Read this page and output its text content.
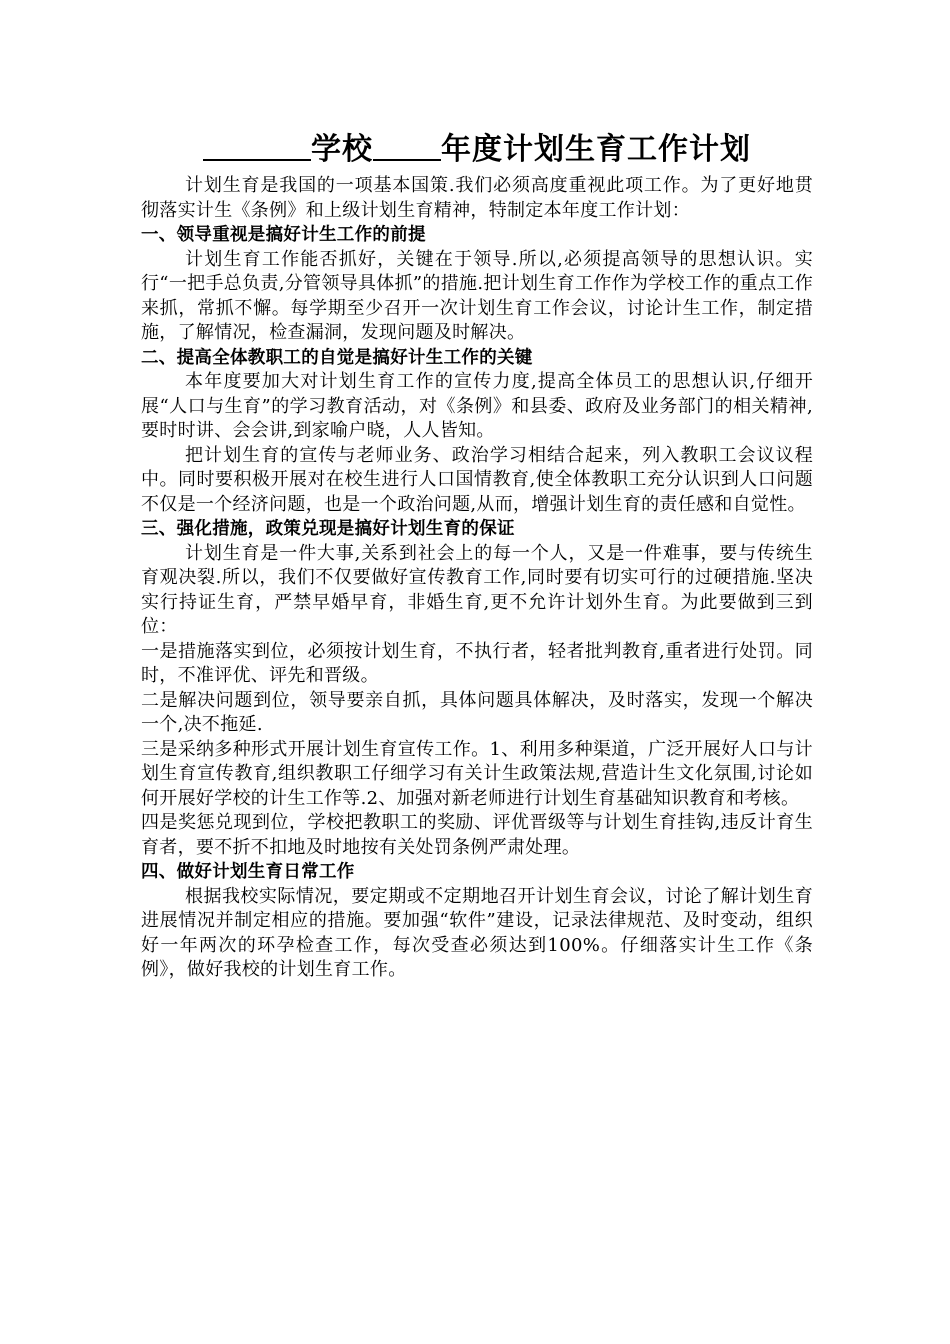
学校 年度计划生育工作计划

计划生育是我国的一项基本国策.我们必须高度重视此项工作。为了更好地贯彻落实计生《条例》和上级计划生育精神，特制定本年度工作计划：

一、领导重视是搞好计生工作的前提

计划生育工作能否抓好，关键在于领导.所以,必须提高领导的思想认识。实行“一把手总负责,分管领导具体抓”的措施.把计划生育工作作为学校工作的重点工作来抓，常抓不懈。每学期至少召开一次计划生育工作会议，讨论计生工作，制定措施，了解情况，检查漏洞，发现问题及时解决。

二、提高全体教职工的自觉是搞好计生工作的关键

本年度要加大对计划生育工作的宣传力度,提高全体员工的思想认识,仔细开展“人口与生育”的学习教育活动，对《条例》和县委、政府及业务部门的相关精神,要时时讲、会会讲,到家喻户晓，人人皆知。

把计划生育的宣传与老师业务、政治学习相结合起来，列入教职工会议议程中。同时要积极开展对在校生进行人口国情教育,使全体教职工充分认识到人口问题不仅是一个经济问题，也是一个政治问题,从而，增强计划生育的责任感和自觉性。

三、强化措施，政策兑现是搞好计划生育的保证

计划生育是一件大事,关系到社会上的每一个人，又是一件难事，要与传统生育观决裂.所以，我们不仅要做好宣传教育工作,同时要有切实可行的过硬措施.坚决实行持证生育，严禁早婚早育，非婚生育,更不允许计划外生育。为此要做到三到位：

一是措施落实到位，必须按计划生育，不执行者，轻者批判教育,重者进行处罚。同时，不准评优、评先和晋级。

二是解决问题到位，领导要亲自抓，具体问题具体解决，及时落实，发现一个解决一个,决不拖延.

三是采纳多种形式开展计划生育宣传工作。1、利用多种渠道，广泛开展好人口与计划生育宣传教育,组织教职工仔细学习有关计生政策法规,营造计生文化氛围,讨论如何开展好学校的计生工作等.2、加强对新老师进行计划生育基础知识教育和考核。

四是奖惩兑现到位，学校把教职工的奖励、评优晋级等与计划生育挂钩,违反计育生育者，要不折不扣地及时地按有关处罚条例严肃处理。

四、做好计划生育日常工作

根据我校实际情况，要定期或不定期地召开计划生育会议，讨论了解计划生育进展情况并制定相应的措施。要加强“软件”建设，记录法律规范、及时变动，组织好一年两次的环孕检查工作，每次受查必须达到100%。仔细落实计生工作《条例》，做好我校的计划生育工作。
